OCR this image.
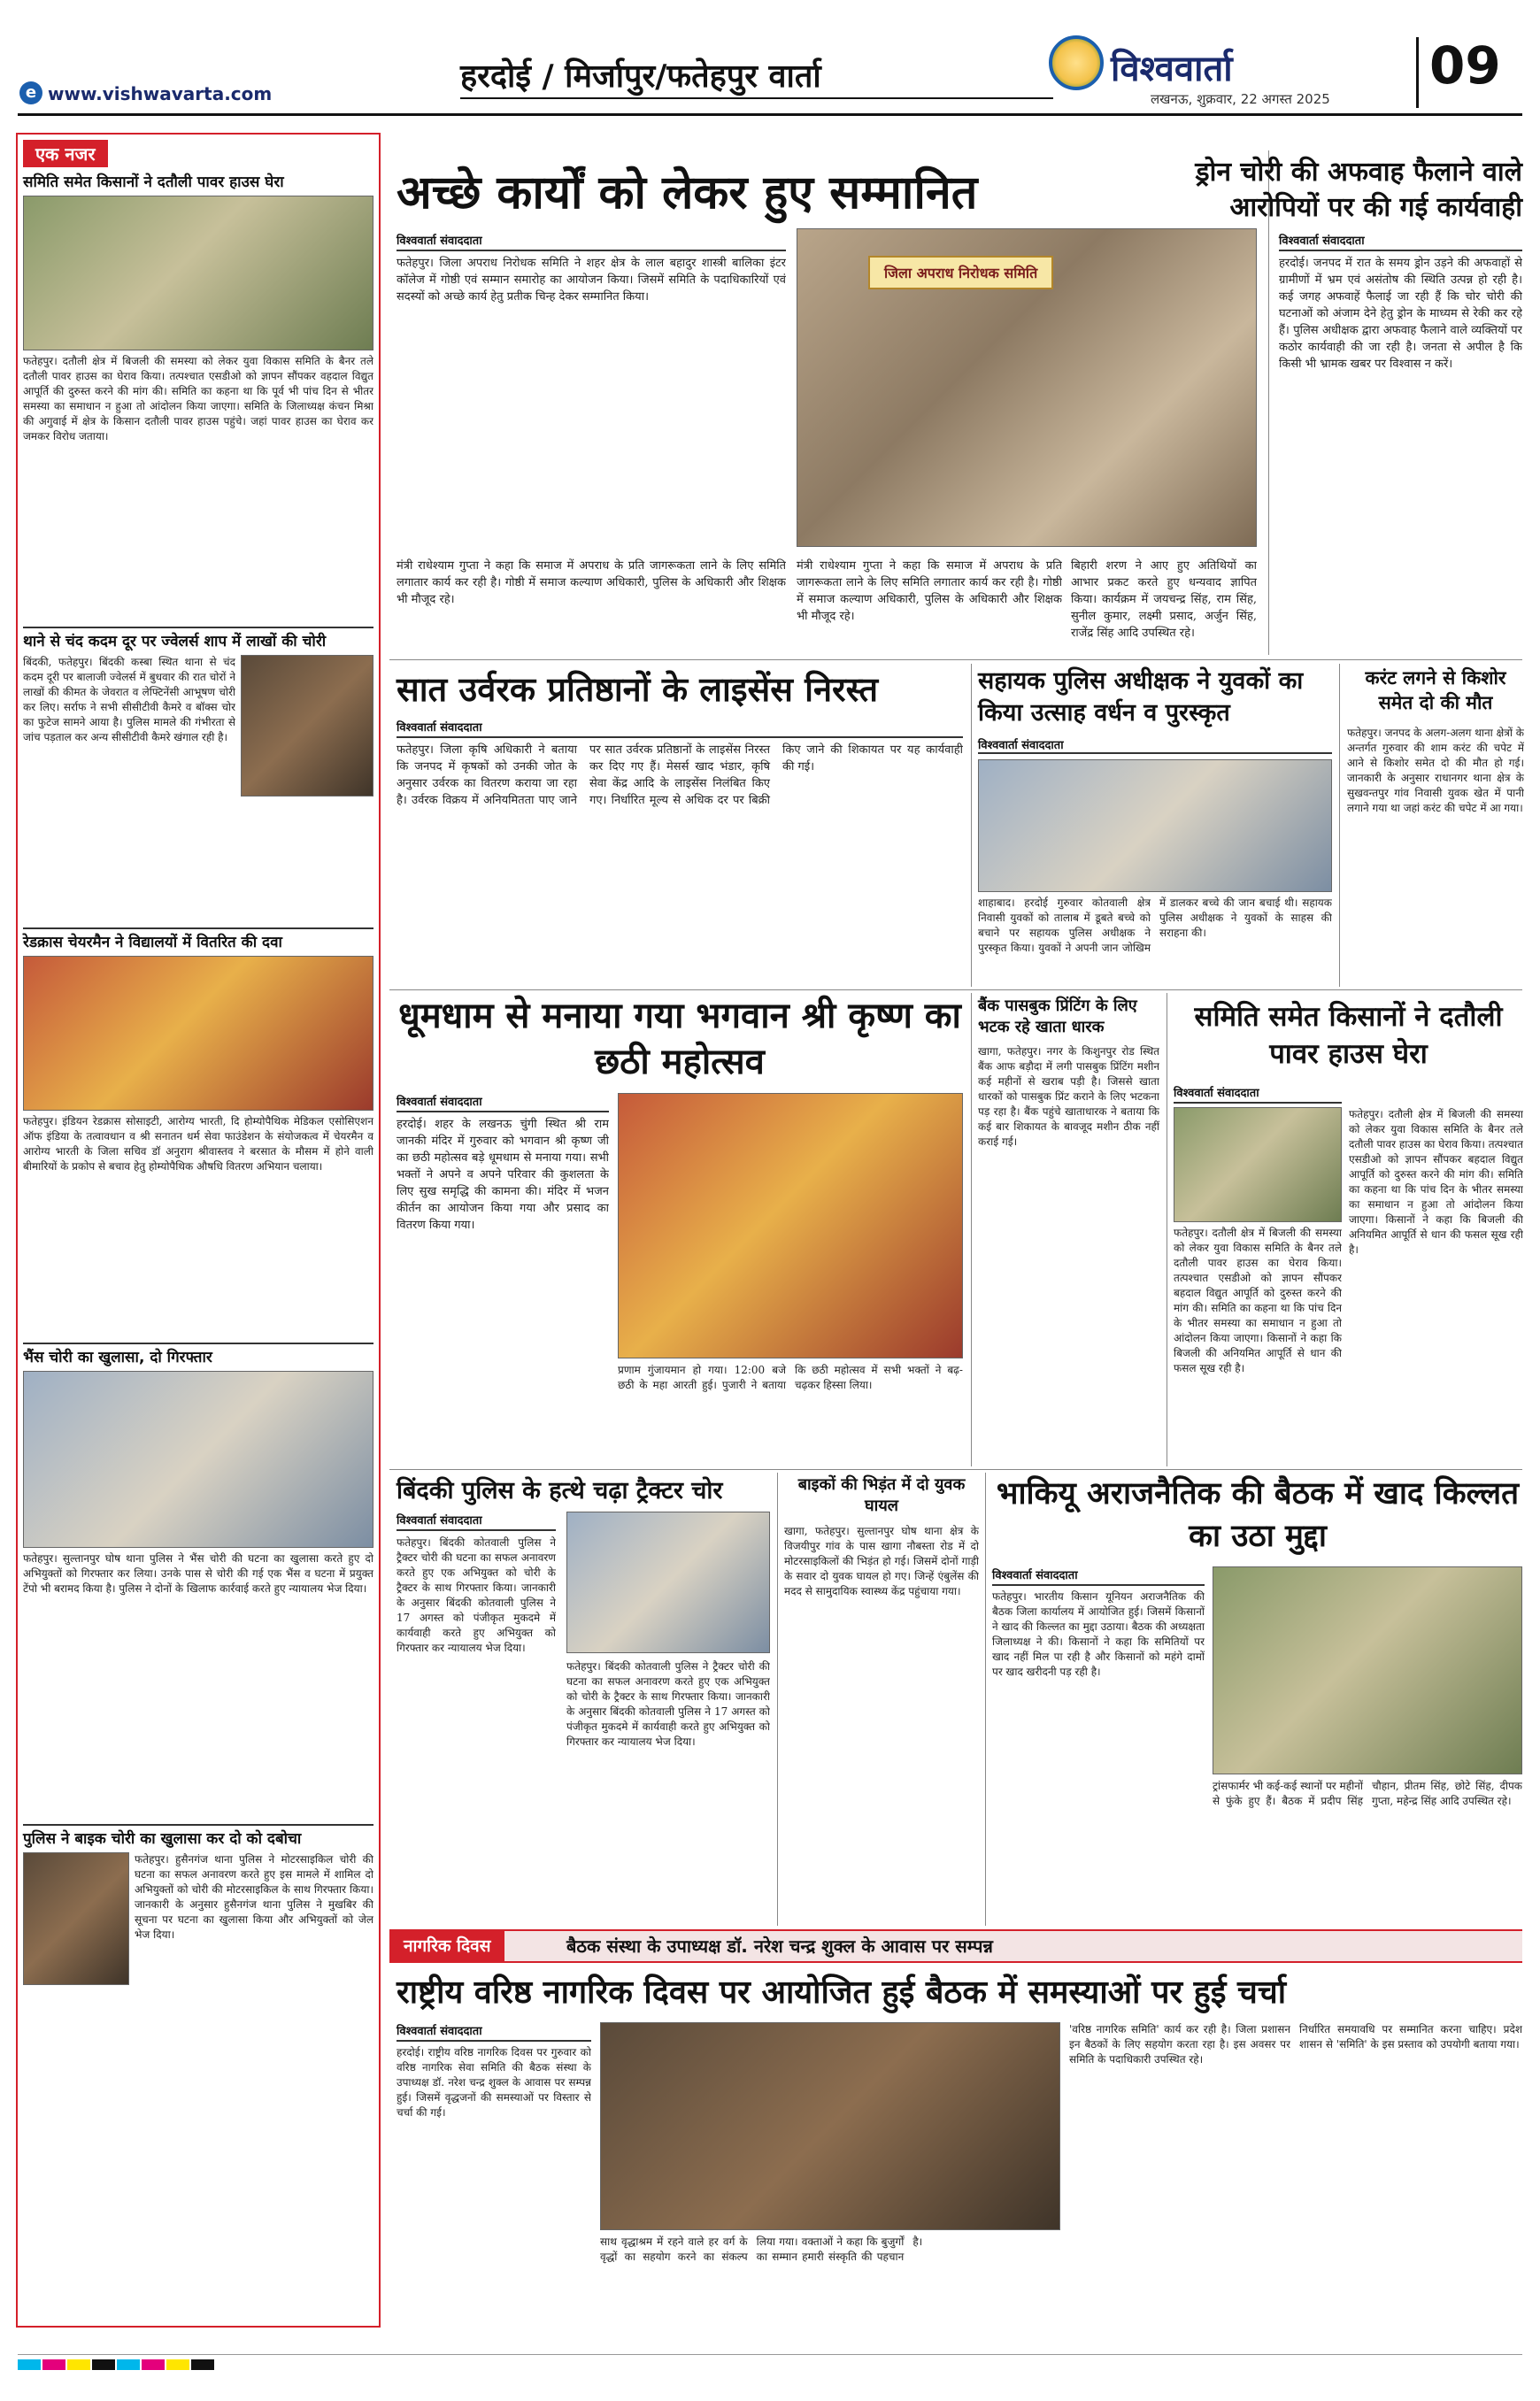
e www.vishwavarta.com	हरदोई / मिर्जापुर/फतेहपुर वार्ता	विश्ववार्ता
लखनऊ, शुक्रवार, 22 अगस्त 2025
09
एक नजर
समिति समेत किसानों ने दतौली पावर हाउस घेरा
फतेहपुर। दतौली क्षेत्र में बिजली की समस्या को लेकर युवा विकास समिति के बैनर तले दतौली पावर हाउस का घेराव किया। तत्पश्चात एसडीओ को ज्ञापन सौंपकर वहदाल विद्युत आपूर्ति की दुरुस्त करने की मांग की। समिति का कहना था कि पूर्व भी पांच दिन से भीतर समस्या का समाधान न हुआ तो आंदोलन किया जाएगा। समिति के जिलाध्यक्ष कंचन मिश्रा की अगुवाई में क्षेत्र के किसान दतौली पावर हाउस पहुंचे। जहां पावर हाउस का घेराव कर जमकर विरोध जताया।
थाने से चंद कदम दूर पर ज्वेलर्स शाप में लाखों की चोरी
बिंदकी, फतेहपुर। बिंदकी कस्बा स्थित थाना से चंद कदम दूरी पर बालाजी ज्वेलर्स में बुधवार की रात चोरों ने लाखों की कीमत के जेवरात व लेफ्टिनेंसी आभूषण चोरी कर लिए। सर्राफ ने सभी सीसीटीवी कैमरे व बॉक्स चोर का फुटेज सामने आया है। पुलिस मामले की गंभीरता से जांच पड़ताल कर अन्य सीसीटीवी कैमरे खंगाल रही है।
रेडक्रास चेयरमैन ने विद्यालयों में वितरित की दवा
फतेहपुर। इंडियन रेडक्रास सोसाइटी, आरोग्य भारती, दि होम्योपैथिक मेडिकल एसोसिएशन ऑफ इंडिया के तत्वावधान व श्री सनातन धर्म सेवा फाउंडेशन के संयोजकत्व में चेयरमैन व आरोग्य भारती के जिला सचिव डॉ अनुराग श्रीवास्तव ने बरसात के मौसम में होने वाली बीमारियों के प्रकोप से बचाव हेतु होम्योपैथिक औषधि वितरण अभियान चलाया।
भैंस चोरी का खुलासा, दो गिरफ्तार
फतेहपुर। सुल्तानपुर घोष थाना पुलिस ने भैंस चोरी की घटना का खुलासा करते हुए दो अभियुक्तों को गिरफ्तार कर लिया। उनके पास से चोरी की गई एक भैंस व घटना में प्रयुक्त टेंपो भी बरामद किया है। पुलिस ने दोनों के खिलाफ कार्रवाई करते हुए न्यायालय भेज दिया।
पुलिस ने बाइक चोरी का खुलासा कर दो को दबोचा
फतेहपुर। हुसैनगंज थाना पुलिस ने मोटरसाइकिल चोरी की घटना का सफल अनावरण करते हुए इस मामले में शामिल दो अभियुक्तों को चोरी की मोटरसाइकिल के साथ गिरफ्तार किया। जानकारी के अनुसार हुसैनगंज थाना पुलिस ने मुखबिर की सूचना पर घटना का खुलासा किया और अभियुक्तों को जेल भेज दिया।
अच्छे कार्यों को लेकर हुए सम्मानित
जिला अपराध निरोधक समिति
विश्ववार्ता संवाददाता
फतेहपुर। जिला अपराध निरोधक समिति ने शहर क्षेत्र के लाल बहादुर शास्त्री बालिका इंटर कॉलेज में गोष्ठी एवं सम्मान समारोह का आयोजन किया। जिसमें समिति के पदाधिकारियों एवं सदस्यों को अच्छे कार्य हेतु प्रतीक चिन्ह देकर सम्मानित किया।
मंत्री राधेश्याम गुप्ता ने कहा कि समाज में अपराध के प्रति जागरूकता लाने के लिए समिति लगातार कार्य कर रही है। गोष्ठी में समाज कल्याण अधिकारी, पुलिस के अधिकारी और शिक्षक भी मौजूद रहे।
मंत्री राधेश्याम गुप्ता ने कहा कि समाज में अपराध के प्रति जागरूकता लाने के लिए समिति लगातार कार्य कर रही है। गोष्ठी में समाज कल्याण अधिकारी, पुलिस के अधिकारी और शिक्षक भी मौजूद रहे।
बिहारी शरण ने आए हुए अतिथियों का आभार प्रकट करते हुए धन्यवाद ज्ञापित किया। कार्यक्रम में जयचन्द्र सिंह, राम सिंह, सुनील कुमार, लक्ष्मी प्रसाद, अर्जुन सिंह, राजेंद्र सिंह आदि उपस्थित रहे।
ड्रोन चोरी की अफवाह फैलाने वाले आरोपियों पर की गई कार्यवाही
विश्ववार्ता संवाददाता
हरदोई। जनपद में रात के समय ड्रोन उड़ने की अफवाहों से ग्रामीणों में भ्रम एवं असंतोष की स्थिति उत्पन्न हो रही है। कई जगह अफवाहें फैलाई जा रही हैं कि चोर चोरी की घटनाओं को अंजाम देने हेतु ड्रोन के माध्यम से रेकी कर रहे हैं। पुलिस अधीक्षक द्वारा अफवाह फैलाने वाले व्यक्तियों पर कठोर कार्यवाही की जा रही है। जनता से अपील है कि किसी भी भ्रामक खबर पर विश्वास न करें।
सात उर्वरक प्रतिष्ठानों के लाइसेंस निरस्त
विश्ववार्ता संवाददाता
फतेहपुर। जिला कृषि अधिकारी ने बताया कि जनपद में कृषकों को उनकी जोत के अनुसार उर्वरक का वितरण कराया जा रहा है। उर्वरक विक्रय में अनियमितता पाए जाने पर सात उर्वरक प्रतिष्ठानों के लाइसेंस निरस्त कर दिए गए हैं। मेसर्स खाद भंडार, कृषि सेवा केंद्र आदि के लाइसेंस निलंबित किए गए। निर्धारित मूल्य से अधिक दर पर बिक्री किए जाने की शिकायत पर यह कार्यवाही की गई।
सहायक पुलिस अधीक्षक ने युवकों का किया उत्साह वर्धन व पुरस्कृत
विश्ववार्ता संवाददाता
शाहाबाद। हरदोई गुरुवार कोतवाली क्षेत्र निवासी युवकों को तालाब में डूबते बच्चे को बचाने पर सहायक पुलिस अधीक्षक ने पुरस्कृत किया। युवकों ने अपनी जान जोखिम में डालकर बच्चे की जान बचाई थी। सहायक पुलिस अधीक्षक ने युवकों के साहस की सराहना की।
करंट लगने से किशोर समेत दो की मौत
फतेहपुर। जनपद के अलग-अलग थाना क्षेत्रों के अन्तर्गत गुरुवार की शाम करंट की चपेट में आने से किशोर समेत दो की मौत हो गई। जानकारी के अनुसार राधानगर थाना क्षेत्र के सुखवन्तपुर गांव निवासी युवक खेत में पानी लगाने गया था जहां करंट की चपेट में आ गया।
धूमधाम से मनाया गया भगवान श्री कृष्ण का छठी महोत्सव
विश्ववार्ता संवाददाता
हरदोई। शहर के लखनऊ चुंगी स्थित श्री राम जानकी मंदिर में गुरुवार को भगवान श्री कृष्ण जी का छठी महोत्सव बड़े धूमधाम से मनाया गया। सभी भक्तों ने अपने व अपने परिवार की कुशलता के लिए सुख समृद्धि की कामना की। मंदिर में भजन कीर्तन का आयोजन किया गया और प्रसाद का वितरण किया गया।
प्रणाम गुंजायमान हो गया। 12:00 बजे छठी के महा आरती हुई। पुजारी ने बताया कि छठी महोत्सव में सभी भक्तों ने बढ़-चढ़कर हिस्सा लिया।
बैंक पासबुक प्रिंटिंग के लिए भटक रहे खाता धारक
खागा, फतेहपुर। नगर के किशुनपुर रोड स्थित बैंक आफ बड़ौदा में लगी पासबुक प्रिंटिंग मशीन कई महीनों से खराब पड़ी है। जिससे खाता धारकों को पासबुक प्रिंट कराने के लिए भटकना पड़ रहा है। बैंक पहुंचे खाताधारक ने बताया कि कई बार शिकायत के बावजूद मशीन ठीक नहीं कराई गई।
समिति समेत किसानों ने दतौली पावर हाउस घेरा
विश्ववार्ता संवाददाता
फतेहपुर। दतौली क्षेत्र में बिजली की समस्या को लेकर युवा विकास समिति के बैनर तले दतौली पावर हाउस का घेराव किया। तत्पश्चात एसडीओ को ज्ञापन सौंपकर बहदाल विद्युत आपूर्ति को दुरुस्त करने की मांग की। समिति का कहना था कि पांच दिन के भीतर समस्या का समाधान न हुआ तो आंदोलन किया जाएगा। किसानों ने कहा कि बिजली की अनियमित आपूर्ति से धान की फसल सूख रही है।
फतेहपुर। दतौली क्षेत्र में बिजली की समस्या को लेकर युवा विकास समिति के बैनर तले दतौली पावर हाउस का घेराव किया। तत्पश्चात एसडीओ को ज्ञापन सौंपकर बहदाल विद्युत आपूर्ति को दुरुस्त करने की मांग की। समिति का कहना था कि पांच दिन के भीतर समस्या का समाधान न हुआ तो आंदोलन किया जाएगा। किसानों ने कहा कि बिजली की अनियमित आपूर्ति से धान की फसल सूख रही है।
बिंदकी पुलिस के हत्थे चढ़ा ट्रैक्टर चोर
विश्ववार्ता संवाददाता
फतेहपुर। बिंदकी कोतवाली पुलिस ने ट्रैक्टर चोरी की घटना का सफल अनावरण करते हुए एक अभियुक्त को चोरी के ट्रैक्टर के साथ गिरफ्तार किया। जानकारी के अनुसार बिंदकी कोतवाली पुलिस ने 17 अगस्त को पंजीकृत मुकदमे में कार्यवाही करते हुए अभियुक्त को गिरफ्तार कर न्यायालय भेज दिया।
फतेहपुर। बिंदकी कोतवाली पुलिस ने ट्रैक्टर चोरी की घटना का सफल अनावरण करते हुए एक अभियुक्त को चोरी के ट्रैक्टर के साथ गिरफ्तार किया। जानकारी के अनुसार बिंदकी कोतवाली पुलिस ने 17 अगस्त को पंजीकृत मुकदमे में कार्यवाही करते हुए अभियुक्त को गिरफ्तार कर न्यायालय भेज दिया।
बाइकों की भिड़ंत में दो युवक घायल
खागा, फतेहपुर। सुल्तानपुर घोष थाना क्षेत्र के विजयीपुर गांव के पास खागा नौबस्ता रोड में दो मोटरसाइकिलों की भिड़ंत हो गई। जिसमें दोनों गाड़ी के सवार दो युवक घायल हो गए। जिन्हें एंबुलेंस की मदद से सामुदायिक स्वास्थ्य केंद्र पहुंचाया गया।
भाकियू अराजनैतिक की बैठक में खाद किल्लत का उठा मुद्दा
विश्ववार्ता संवाददाता
फतेहपुर। भारतीय किसान यूनियन अराजनैतिक की बैठक जिला कार्यालय में आयोजित हुई। जिसमें किसानों ने खाद की किल्लत का मुद्दा उठाया। बैठक की अध्यक्षता जिलाध्यक्ष ने की। किसानों ने कहा कि समितियों पर खाद नहीं मिल पा रही है और किसानों को महंगे दामों पर खाद खरीदनी पड़ रही है।
ट्रांसफार्मर भी कई-कई स्थानों पर महीनों से फुंके हुए हैं। बैठक में प्रदीप सिंह चौहान, प्रीतम सिंह, छोटे सिंह, दीपक गुप्ता, महेन्द्र सिंह आदि उपस्थित रहे।
नागरिक दिवस	बैठक संस्था के उपाध्यक्ष डॉ. नरेश चन्द्र शुक्ल के आवास पर सम्पन्न
राष्ट्रीय वरिष्ठ नागरिक दिवस पर आयोजित हुई बैठक में समस्याओं पर हुई चर्चा
विश्ववार्ता संवाददाता
हरदोई। राष्ट्रीय वरिष्ठ नागरिक दिवस पर गुरुवार को वरिष्ठ नागरिक सेवा समिति की बैठक संस्था के उपाध्यक्ष डॉ. नरेश चन्द्र शुक्ल के आवास पर सम्पन्न हुई। जिसमें वृद्धजनों की समस्याओं पर विस्तार से चर्चा की गई।
साथ वृद्धाश्रम में रहने वाले हर वर्ग के वृद्धों का सहयोग करने का संकल्प लिया गया। वक्ताओं ने कहा कि बुजुर्गों का सम्मान हमारी संस्कृति की पहचान है।
'वरिष्ठ नागरिक समिति' कार्य कर रही है। जिला प्रशासन इन बैठकों के लिए सहयोग करता रहा है। इस अवसर पर समिति के पदाधिकारी उपस्थित रहे।
निर्धारित समयावधि पर सम्मानित करना चाहिए। प्रदेश शासन से 'समिति' के इस प्रस्ताव को उपयोगी बताया गया।
